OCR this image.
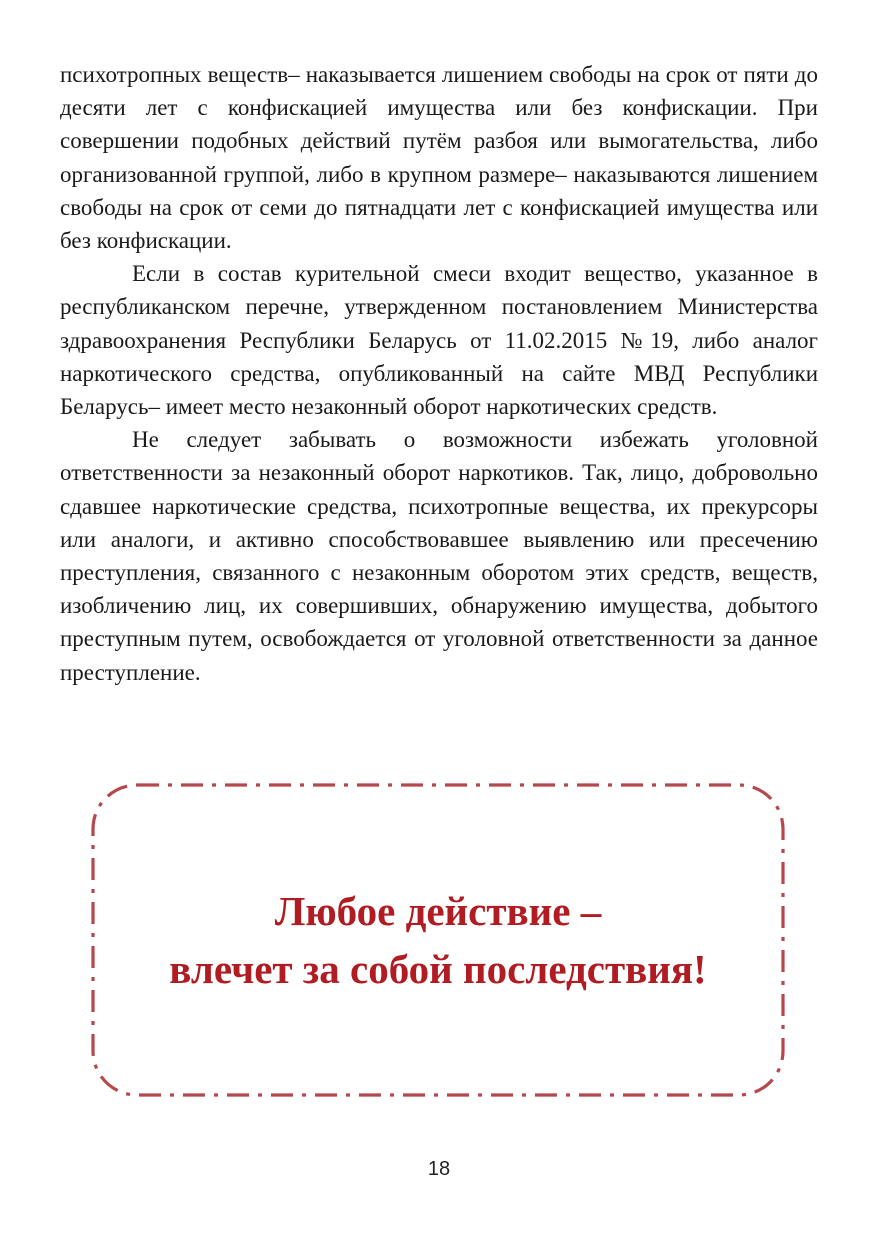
психотропных веществ– наказывается лишением свободы на срок от пяти до десяти лет с конфискацией имущества или без конфискации. При совершении подобных действий путём разбоя или вымогательства, либо организованной группой, либо в крупном размере– наказываются лишением свободы на срок от семи до пятнадцати лет с конфискацией имущества или без конфискации.

Если в состав курительной смеси входит вещество, указанное в республиканском перечне, утвержденном постановлением Министерства здравоохранения Республики Беларусь от 11.02.2015 №19, либо аналог наркотического средства, опубликованный на сайте МВД Республики Беларусь– имеет место незаконный оборот наркотических средств.

Не следует забывать о возможности избежать уголовной ответственности за незаконный оборот наркотиков. Так, лицо, добровольно сдавшее наркотические средства, психотропные вещества, их прекурсоры или аналоги, и активно способствовавшее выявлению или пресечению преступления, связанного с незаконным оборотом этих средств, веществ, изобличению лиц, их совершивших, обнаружению имущества, добытого преступным путем, освобождается от уголовной ответственности за данное преступление.

Любое действие –
влечет за собой последствия!
18
